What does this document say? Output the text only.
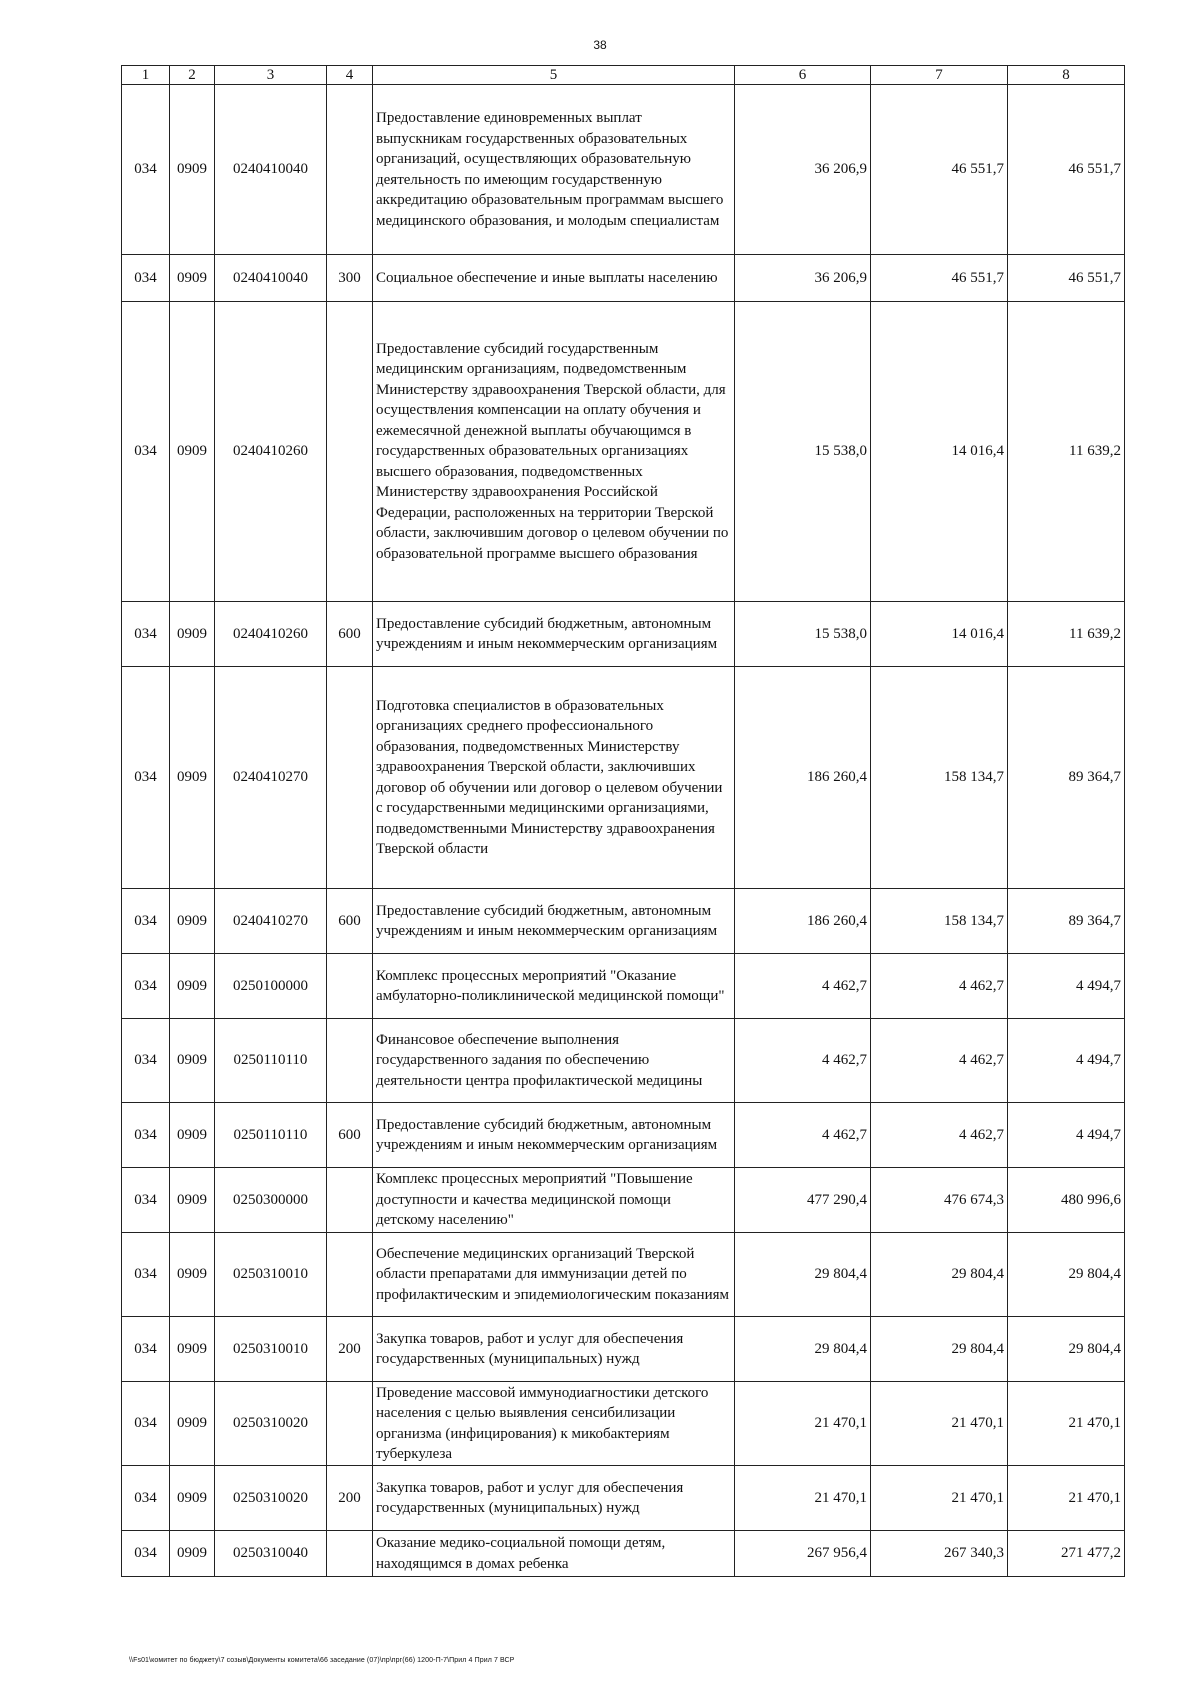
38
1	2	3	4	5	6	7	8
034	0909	0240410040		Предоставление единовременных выплат выпускникам государственных образовательных организаций, осуществляющих образовательную деятельность по имеющим государственную аккредитацию образовательным программам высшего медицинского образования, и молодым специалистам	36 206,9	46 551,7	46 551,7
034	0909	0240410040	300	Социальное обеспечение и иные выплаты населению	36 206,9	46 551,7	46 551,7
034	0909	0240410260		Предоставление субсидий государственным медицинским организациям, подведомственным Министерству здравоохранения Тверской области, для осуществления компенсации на оплату обучения и ежемесячной денежной выплаты обучающимся в государственных образовательных организациях высшего образования, подведомственных Министерству здравоохранения Российской Федерации, расположенных на территории Тверской области, заключившим договор о целевом обучении по образовательной программе высшего образования	15 538,0	14 016,4	11 639,2
034	0909	0240410260	600	Предоставление субсидий бюджетным, автономным учреждениям и иным некоммерческим организациям	15 538,0	14 016,4	11 639,2
034	0909	0240410270		Подготовка специалистов в образовательных организациях среднего профессионального образования, подведомственных Министерству здравоохранения Тверской области, заключивших договор об обучении или договор о целевом обучении с государственными медицинскими организациями, подведомственными Министерству здравоохранения Тверской области	186 260,4	158 134,7	89 364,7
034	0909	0240410270	600	Предоставление субсидий бюджетным, автономным учреждениям и иным некоммерческим организациям	186 260,4	158 134,7	89 364,7
034	0909	0250100000		Комплекс процессных мероприятий "Оказание амбулаторно-поликлинической медицинской помощи"	4 462,7	4 462,7	4 494,7
034	0909	0250110110		Финансовое обеспечение выполнения государственного задания по обеспечению деятельности центра профилактической медицины	4 462,7	4 462,7	4 494,7
034	0909	0250110110	600	Предоставление субсидий бюджетным, автономным учреждениям и иным некоммерческим организациям	4 462,7	4 462,7	4 494,7
034	0909	0250300000		Комплекс процессных мероприятий "Повышение доступности и качества медицинской помощи детскому населению"	477 290,4	476 674,3	480 996,6
034	0909	0250310010		Обеспечение медицинских организаций Тверской области препаратами для иммунизации детей по профилактическим и эпидемиологическим показаниям	29 804,4	29 804,4	29 804,4
034	0909	0250310010	200	Закупка товаров, работ и услуг для обеспечения государственных (муниципальных) нужд	29 804,4	29 804,4	29 804,4
034	0909	0250310020		Проведение массовой иммунодиагностики детского населения с целью выявления сенсибилизации организма (инфицирования) к микобактериям туберкулеза	21 470,1	21 470,1	21 470,1
034	0909	0250310020	200	Закупка товаров, работ и услуг для обеспечения государственных (муниципальных) нужд	21 470,1	21 470,1	21 470,1
034	0909	0250310040		Оказание медико-социальной помощи детям, находящимся в домах ребенка	267 956,4	267 340,3	271 477,2
\\Fs01\комитет по бюджету\7 созыв\Документы комитета\66 заседание (07)\пр\прг(66) 1200-П-7\Прил 4 Прил 7 ВСР
